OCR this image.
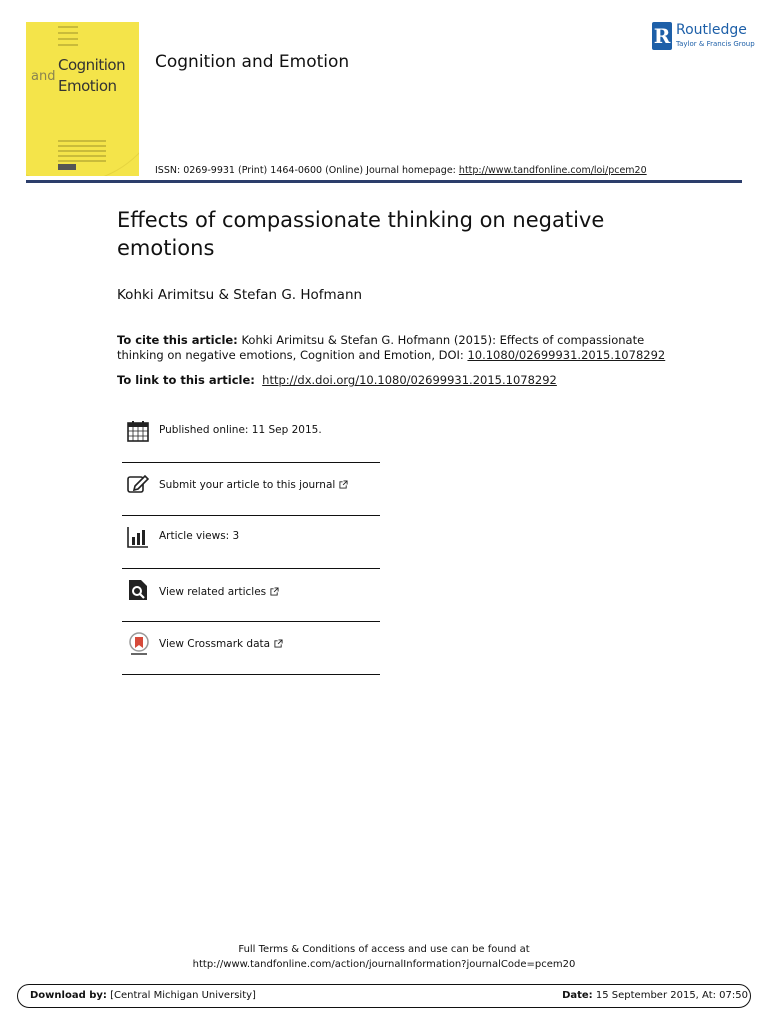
Cognition
and
Emotion
Cognition and Emotion
ISSN: 0269-9931 (Print) 1464-0600 (Online) Journal homepage: http://www.tandfonline.com/loi/pcem20
R Routledge
Taylor & Francis Group
Effects of compassionate thinking on negative emotions
Kohki Arimitsu & Stefan G. Hofmann
To cite this article: Kohki Arimitsu & Stefan G. Hofmann (2015): Effects of compassionate thinking on negative emotions, Cognition and Emotion, DOI: 10.1080/02699931.2015.1078292
To link to this article: http://dx.doi.org/10.1080/02699931.2015.1078292
Published online: 11 Sep 2015.
Submit your article to this journal
Article views: 3
View related articles
View Crossmark data
Full Terms & Conditions of access and use can be found at
http://www.tandfonline.com/action/journalInformation?journalCode=pcem20
Download by: [Central Michigan University]	Date: 15 September 2015, At: 07:50
